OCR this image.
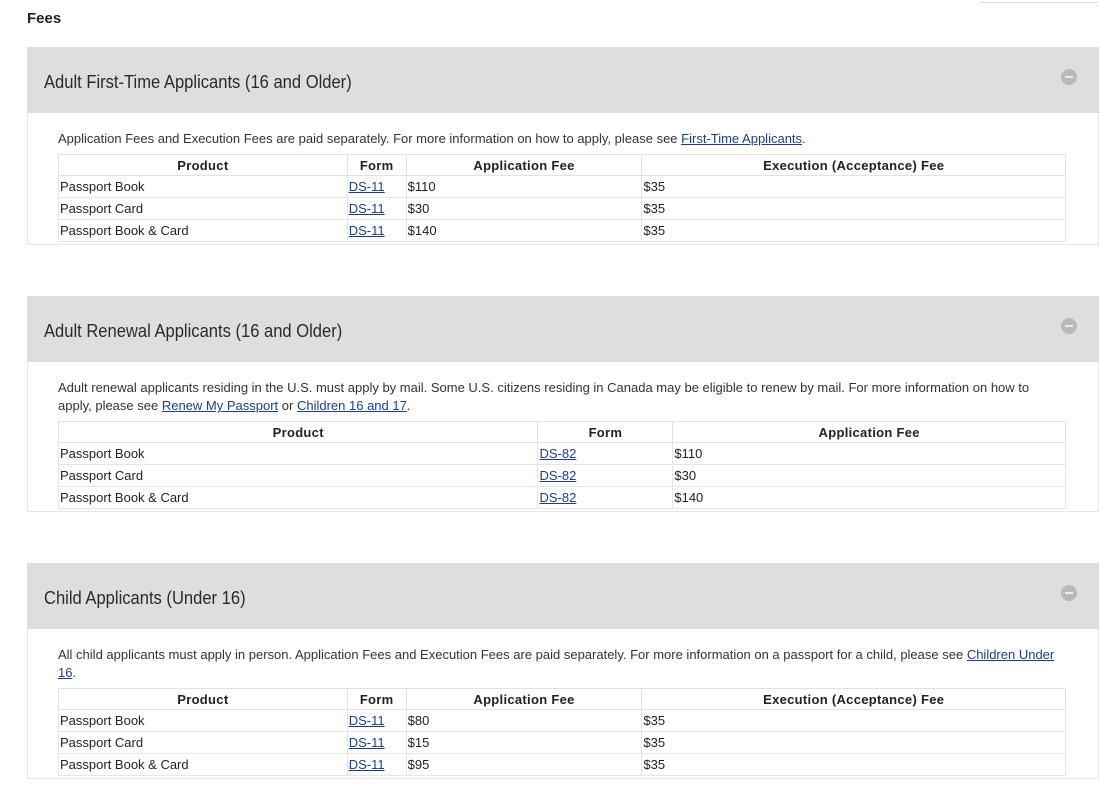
Fees
Adult First-Time Applicants (16 and Older)

Application Fees and Execution Fees are paid separately. For more information on how to apply, please see First-Time Applicants.

Product	Form	Application Fee	Execution (Acceptance) Fee
Passport Book	DS-11	$110	$35
Passport Card	DS-11	$30	$35
Passport Book & Card	DS-11	$140	$35
Adult Renewal Applicants (16 and Older)

Adult renewal applicants residing in the U.S. must apply by mail. Some U.S. citizens residing in Canada may be eligible to renew by mail. For more information on how to apply, please see Renew My Passport or Children 16 and 17.

Product	Form	Application Fee
Passport Book	DS-82	$110
Passport Card	DS-82	$30
Passport Book & Card	DS-82	$140
Child Applicants (Under 16)

All child applicants must apply in person. Application Fees and Execution Fees are paid separately. For more information on a passport for a child, please see Children Under 16.

Product	Form	Application Fee	Execution (Acceptance) Fee
Passport Book	DS-11	$80	$35
Passport Card	DS-11	$15	$35
Passport Book & Card	DS-11	$95	$35
